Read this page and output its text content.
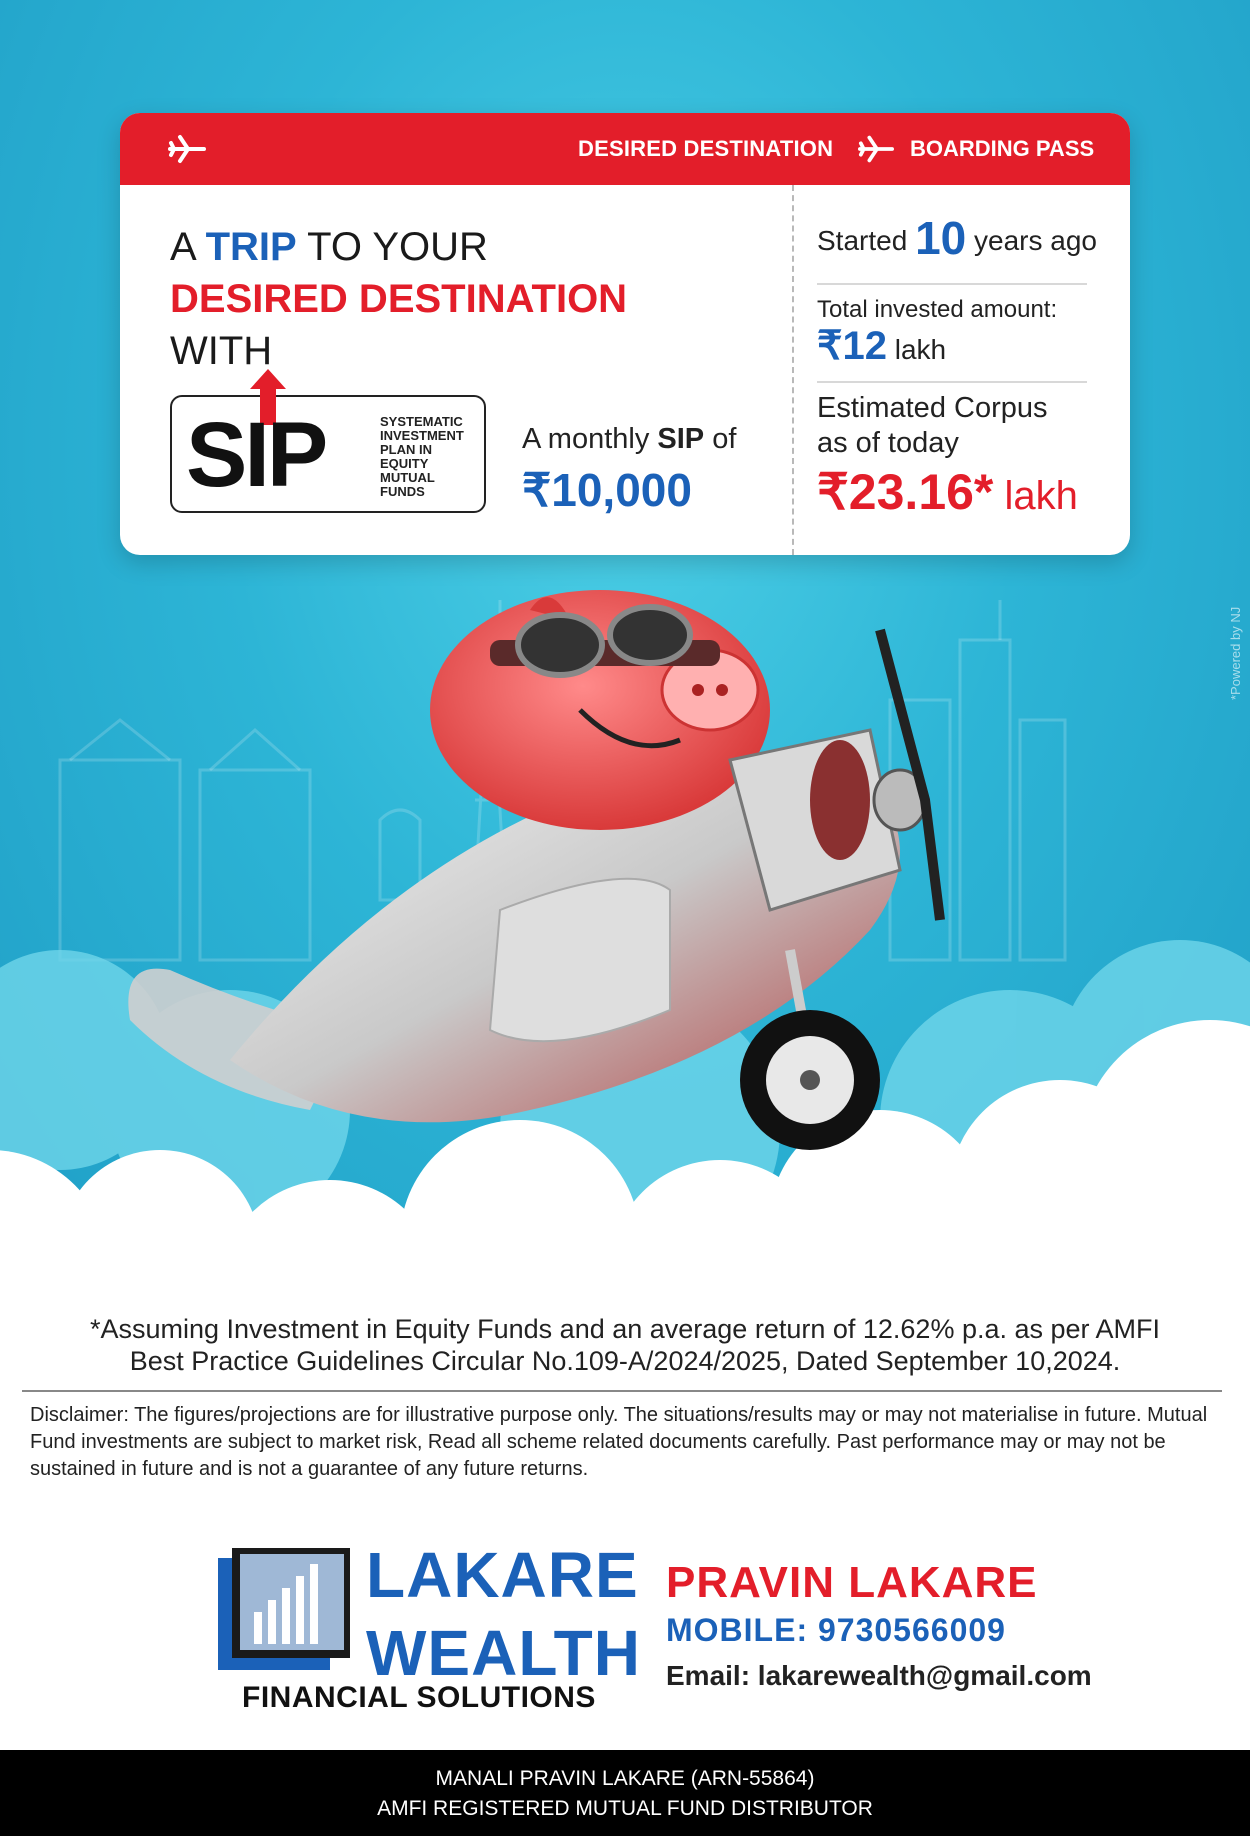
DESIRED DESTINATION	BOARDING PASS
A TRIP TO YOUR
DESIRED DESTINATION
WITH
SIP	SYSTEMATIC
INVESTMENT
PLAN IN
EQUITY
MUTUAL
FUNDS
A monthly SIP of
₹10,000
Started 10 years ago
Total invested amount:
₹12 lakh
Estimated Corpus
as of today
₹23.16* lakh
*Powered by NJ
*Assuming Investment in Equity Funds and an average return of 12.62% p.a. as per AMFI
Best Practice Guidelines Circular No.109-A/2024/2025, Dated September 10,2024.
Disclaimer: The figures/projections are for illustrative purpose only. The situations/results may or may not materialise in future. Mutual Fund investments are subject to market risk, Read all scheme related documents carefully. Past performance may or may not be sustained in future and is not a guarantee of any future returns.
LAKARE
WEALTH
FINANCIAL SOLUTIONS
PRAVIN LAKARE
MOBILE: 9730566009
Email: lakarewealth@gmail.com
MANALI PRAVIN LAKARE (ARN-55864)
AMFI REGISTERED MUTUAL FUND DISTRIBUTOR
